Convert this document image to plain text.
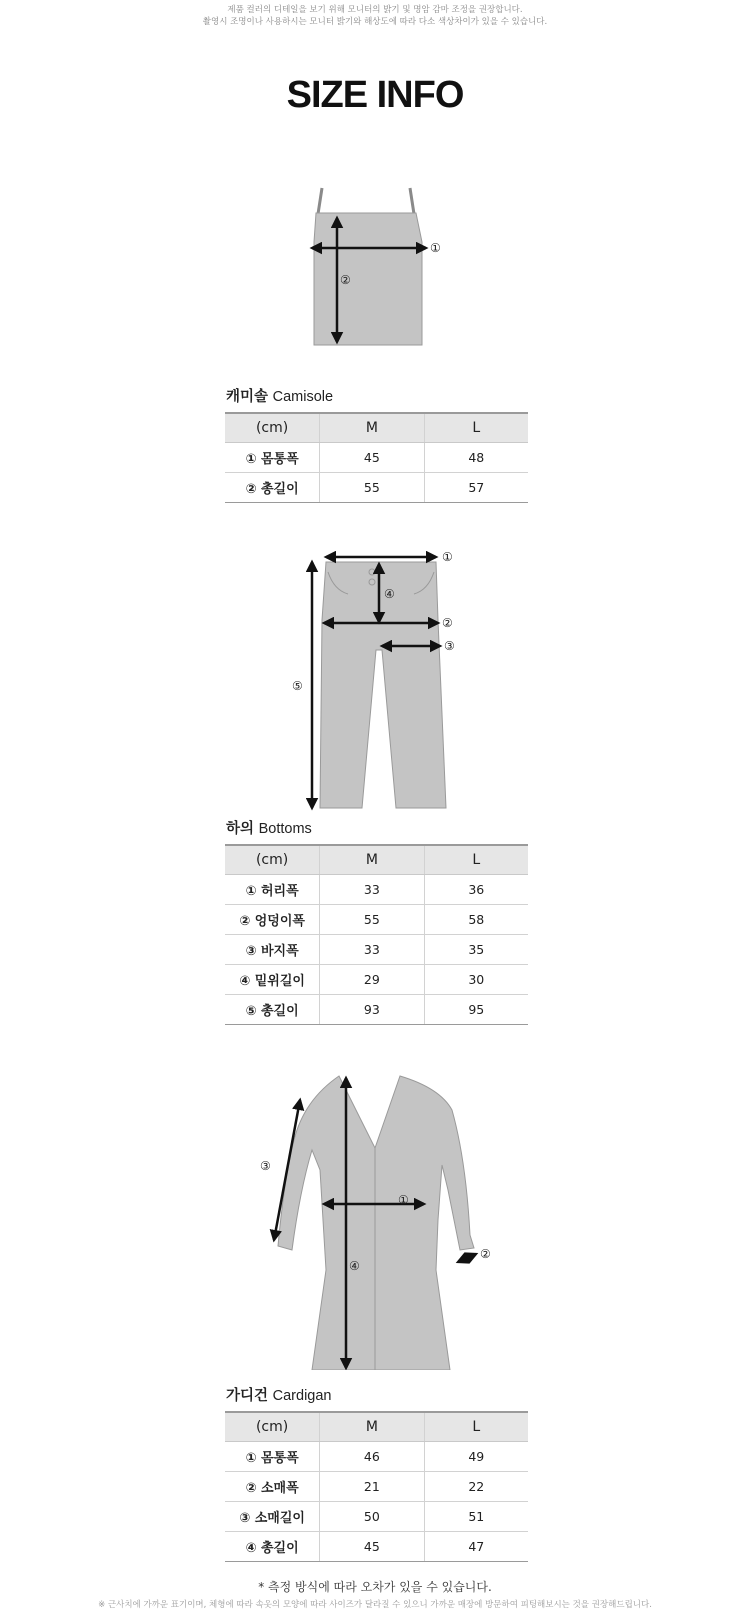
제품 컬러의 디테일을 보기 위해 모니터의 밝기 및 명암 감마 조정을 권장합니다.
촬영시 조명이나 사용하시는 모니터 밝기와 해상도에 따라 다소 색상차이가 있을 수 있습니다.
SIZE INFO
①
②
캐미솔 Camisole
(cm)	M	L
① 몸통폭	45	48
② 총길이	55	57
①
④
②
③
⑤
하의 Bottoms
(cm)	M	L
① 허리폭	33	36
② 엉덩이폭	55	58
③ 바지폭	33	35
④ 밑위길이	29	30
⑤ 총길이	93	95
①
②
③
④
가디건 Cardigan
(cm)	M	L
① 몸통폭	46	49
② 소매폭	21	22
③ 소매길이	50	51
④ 총길이	45	47
* 측정 방식에 따라 오차가 있을 수 있습니다.
※ 근사치에 가까운 표기이며, 체형에 따라 속옷의 모양에 따라 사이즈가 달라질 수 있으니 가까운 매장에 방문하여 피팅해보시는 것을 권장해드립니다.
